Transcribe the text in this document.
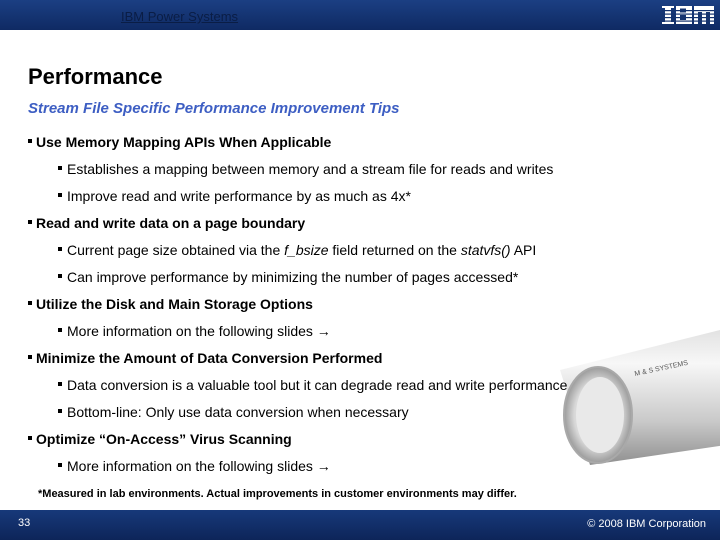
IBM Power Systems
Performance
Stream File Specific Performance Improvement Tips
M & S SYSTEMS
Use Memory Mapping APIs When Applicable
Establishes a mapping between memory and a stream file for reads and writes
Improve read and write performance by as much as 4x*
Read and write data on a page boundary
Current page size obtained via the f_bsize field returned on the statvfs() API
Can improve performance by minimizing the number of pages accessed*
Utilize the Disk and Main Storage Options
More information on the following slides →
Minimize the Amount of Data Conversion Performed
Data conversion is a valuable tool but it can degrade read and write performance
Bottom-line: Only use data conversion when necessary
Optimize “On-Access” Virus Scanning
More information on the following slides →
*Measured in lab environments. Actual improvements in customer environments may differ.
33	© 2008 IBM Corporation
